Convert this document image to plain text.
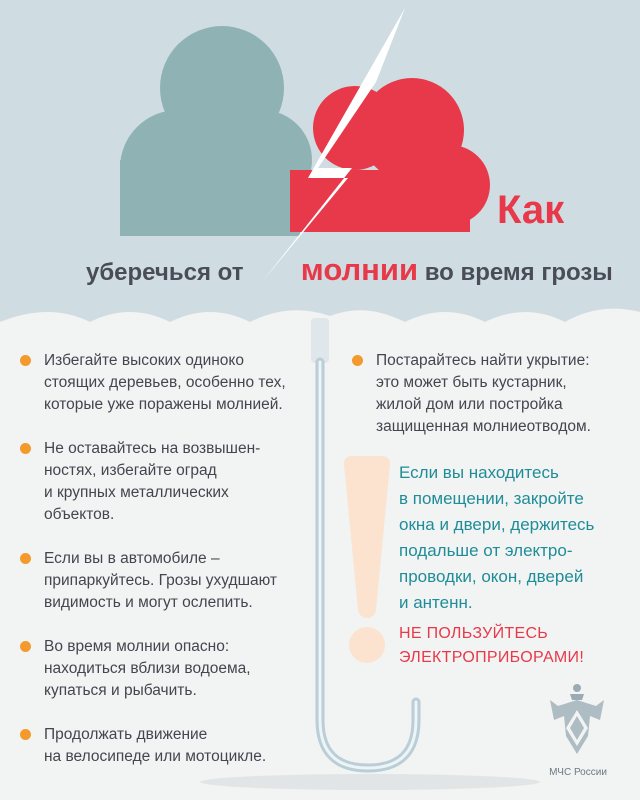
Как
уберечься от молнии во время грозы
Избегайте высоких одиноко
стоящих деревьев, особенно тех,
которые уже поражены молнией.
Не оставайтесь на возвышен-
ностях, избегайте оград
и крупных металлических
объектов.
Если вы в автомобиле –
припаркуйтесь. Грозы ухудшают
видимость и могут ослепить.
Во время молнии опасно:
находиться вблизи водоема,
купаться и рыбачить.
Продолжать движение
на велосипеде или мотоцикле.
Постарайтесь найти укрытие:
это может быть кустарник,
жилой дом или постройка
защищенная молниеотводом.
Если вы находитесь
в помещении, закройте
окна и двери, держитесь
подальше от электро-
проводки, окон, дверей
и антенн.
НЕ ПОЛЬЗУЙТЕСЬ
ЭЛЕКТРОПРИБОРАМИ!
МЧС России
